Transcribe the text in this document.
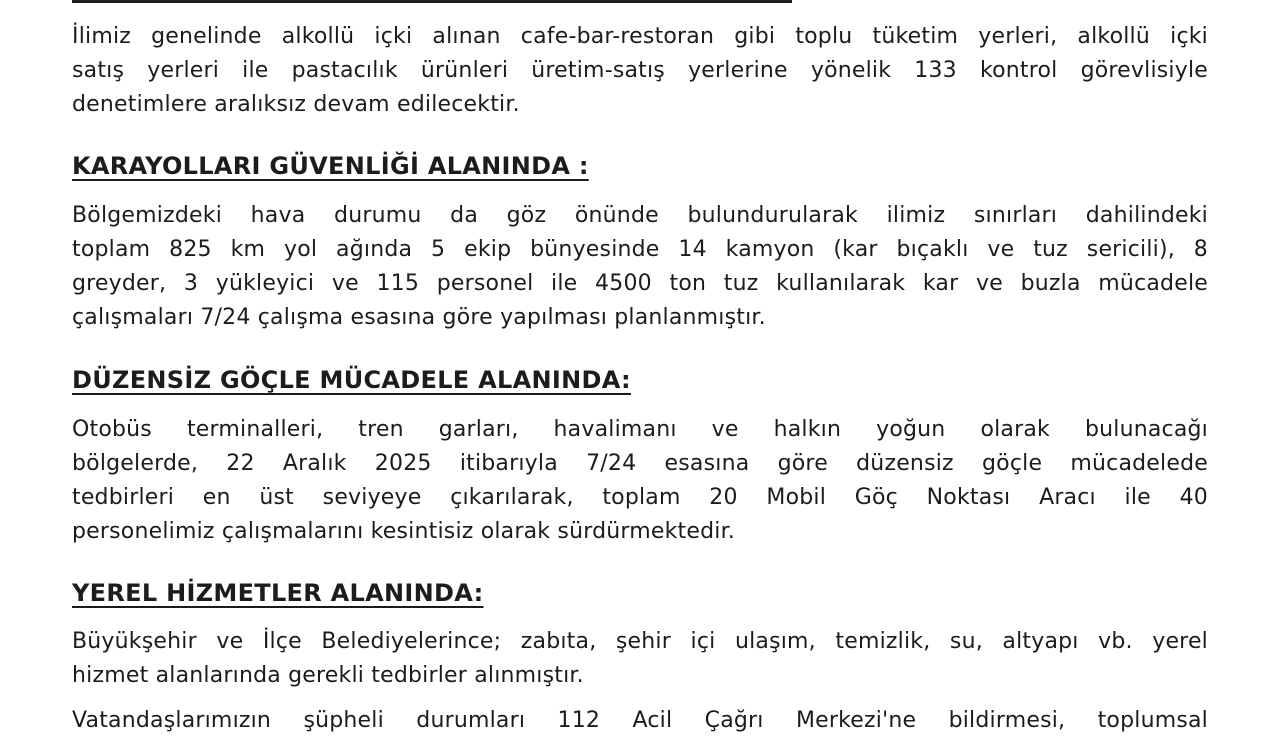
İlimiz genelinde alkollü içki alınan cafe-bar-restoran gibi toplu tüketim yerleri, alkollü içki
satış yerleri ile pastacılık ürünleri üretim-satış yerlerine yönelik 133 kontrol görevlisiyle
denetimlere aralıksız devam edilecektir.
KARAYOLLARI GÜVENLİĞİ ALANINDA :
Bölgemizdeki hava durumu da göz önünde bulundurularak ilimiz sınırları dahilindeki
toplam 825 km yol ağında 5 ekip bünyesinde 14 kamyon (kar bıçaklı ve tuz sericili), 8
greyder, 3 yükleyici ve 115 personel ile 4500 ton tuz kullanılarak kar ve buzla mücadele
çalışmaları 7/24 çalışma esasına göre yapılması planlanmıştır.
DÜZENSİZ GÖÇLE MÜCADELE ALANINDA:
Otobüs terminalleri, tren garları, havalimanı ve halkın yoğun olarak bulunacağı
bölgelerde, 22 Aralık 2025 itibarıyla 7/24 esasına göre düzensiz göçle mücadelede
tedbirleri en üst seviyeye çıkarılarak, toplam 20 Mobil Göç Noktası Aracı ile 40
personelimiz çalışmalarını kesintisiz olarak sürdürmektedir.
YEREL HİZMETLER ALANINDA:
Büyükşehir ve İlçe Belediyelerince; zabıta, şehir içi ulaşım, temizlik, su, altyapı vb. yerel
hizmet alanlarında gerekli tedbirler alınmıştır.
Vatandaşlarımızın şüpheli durumları 112 Acil Çağrı Merkezi'ne bildirmesi, toplumsal
